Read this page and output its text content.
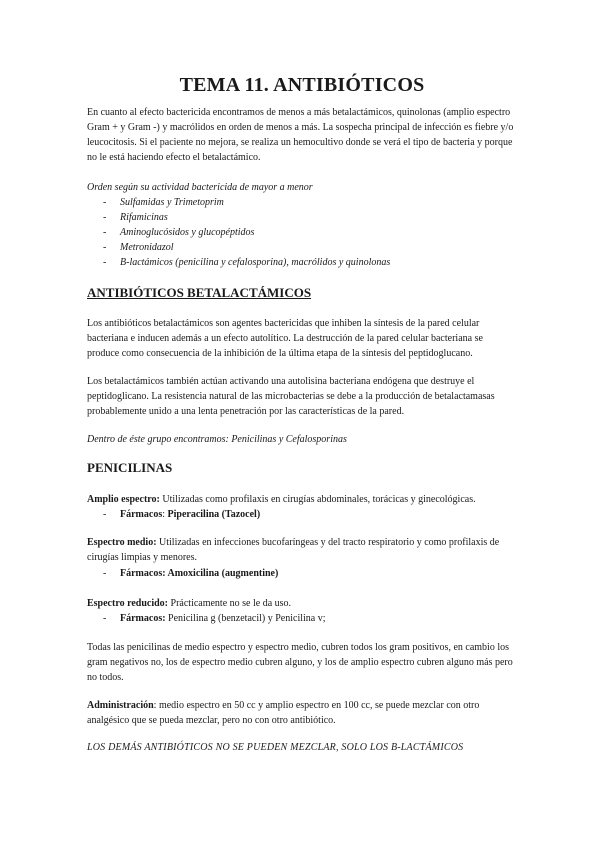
TEMA 11. ANTIBIÓTICOS
En cuanto al efecto bactericida encontramos de menos a más betalactámicos, quinolonas (amplio espectro Gram + y Gram -) y macrólidos en orden de menos a más. La sospecha principal de infección es fiebre y/o leucocitosis. Si el paciente no mejora, se realiza un hemocultivo donde se verá el tipo de bacteria y porque no le está haciendo efecto el betalactámico.
Orden según su actividad bactericida de mayor a menor
- Sulfamidas y Trimetoprim
- Rifamicinas
- Aminoglucósidos y glucopéptidos
- Metronidazol
- B-lactámicos (penicilina y cefalosporina), macrólidos y quinolonas
ANTIBIÓTICOS BETALACTÁMICOS
Los antibióticos betalactámicos son agentes bactericidas que inhiben la síntesis de la pared celular bacteriana e inducen además a un efecto autolítico. La destrucción de la pared celular bacteriana se produce como consecuencia de la inhibición de la última etapa de la síntesis del peptidoglucano.
Los betalactámicos también actúan activando una autolisina bacteriana endógena que destruye el peptidoglicano. La resistencia natural de las microbacterias se debe a la producción de betalactamasas probablemente unido a una lenta penetración por las características de la pared.
Dentro de éste grupo encontramos: Penicilinas y Cefalosporinas
PENICILINAS
Amplio espectro: Utilizadas como profilaxis en cirugías abdominales, torácicas y ginecológicas.
- Fármacos: Piperacilina (Tazocel)
Espectro medio: Utilizadas en infecciones bucofaríngeas y del tracto respiratorio y como profilaxis de cirugías limpias y menores.
- Fármacos: Amoxicilina (augmentine)
Espectro reducido: Prácticamente no se le da uso.
- Fármacos: Penicilina g (benzetacil) y Penicilina v;
Todas las penicilinas de medio espectro y espectro medio, cubren todos los gram positivos, en cambio los gram negativos no, los de espectro medio cubren alguno, y los de amplio espectro cubren alguno más pero no todos.
Administración: medio espectro en 50 cc y amplio espectro en 100 cc, se puede mezclar con otro analgésico que se pueda mezclar, pero no con otro antibiótico.
LOS DEMÁS ANTIBIÓTICOS NO SE PUEDEN MEZCLAR, SOLO LOS B-LACTÁMICOS
